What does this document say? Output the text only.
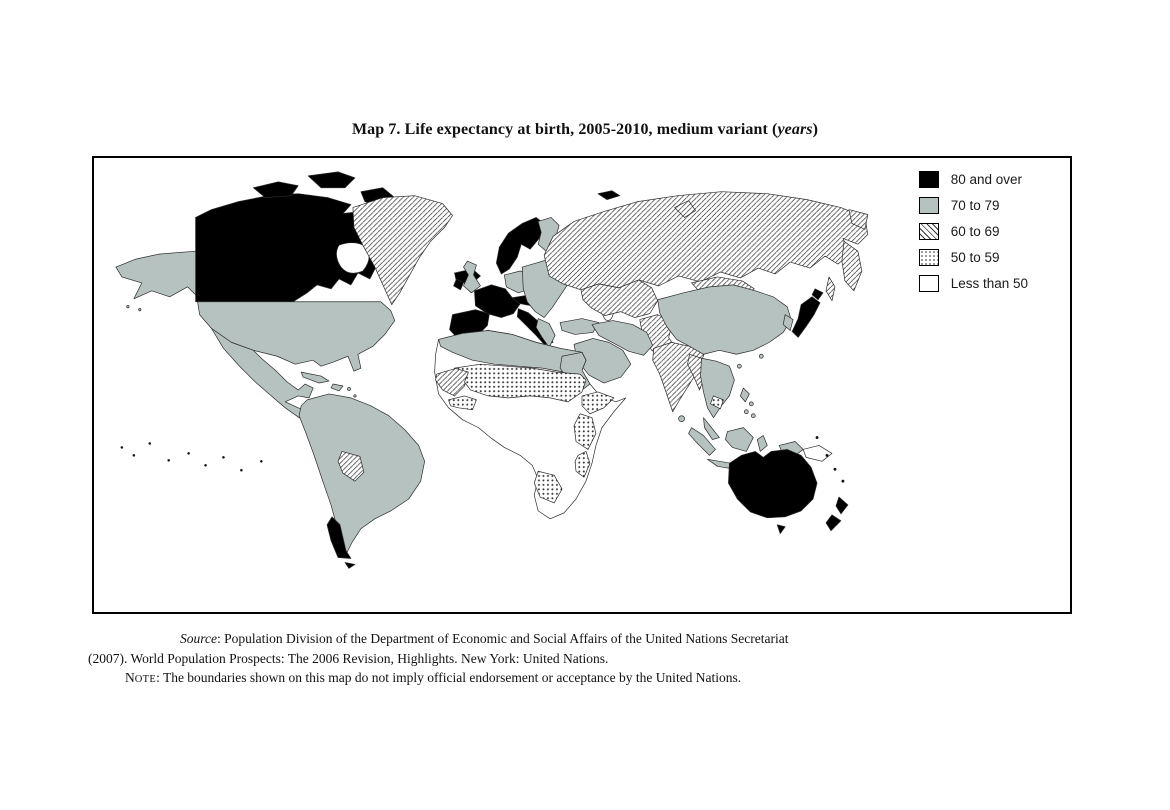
Map 7. Life expectancy at birth, 2005-2010, medium variant (years)
80 and over
70 to 79
60 to 69
50 to 59
Less than 50
Source: Population Division of the Department of Economic and Social Affairs of the United Nations Secretariat
(2007). World Population Prospects: The 2006 Revision, Highlights. New York: United Nations.
NOTE: The boundaries shown on this map do not imply official endorsement or acceptance by the United Nations.
